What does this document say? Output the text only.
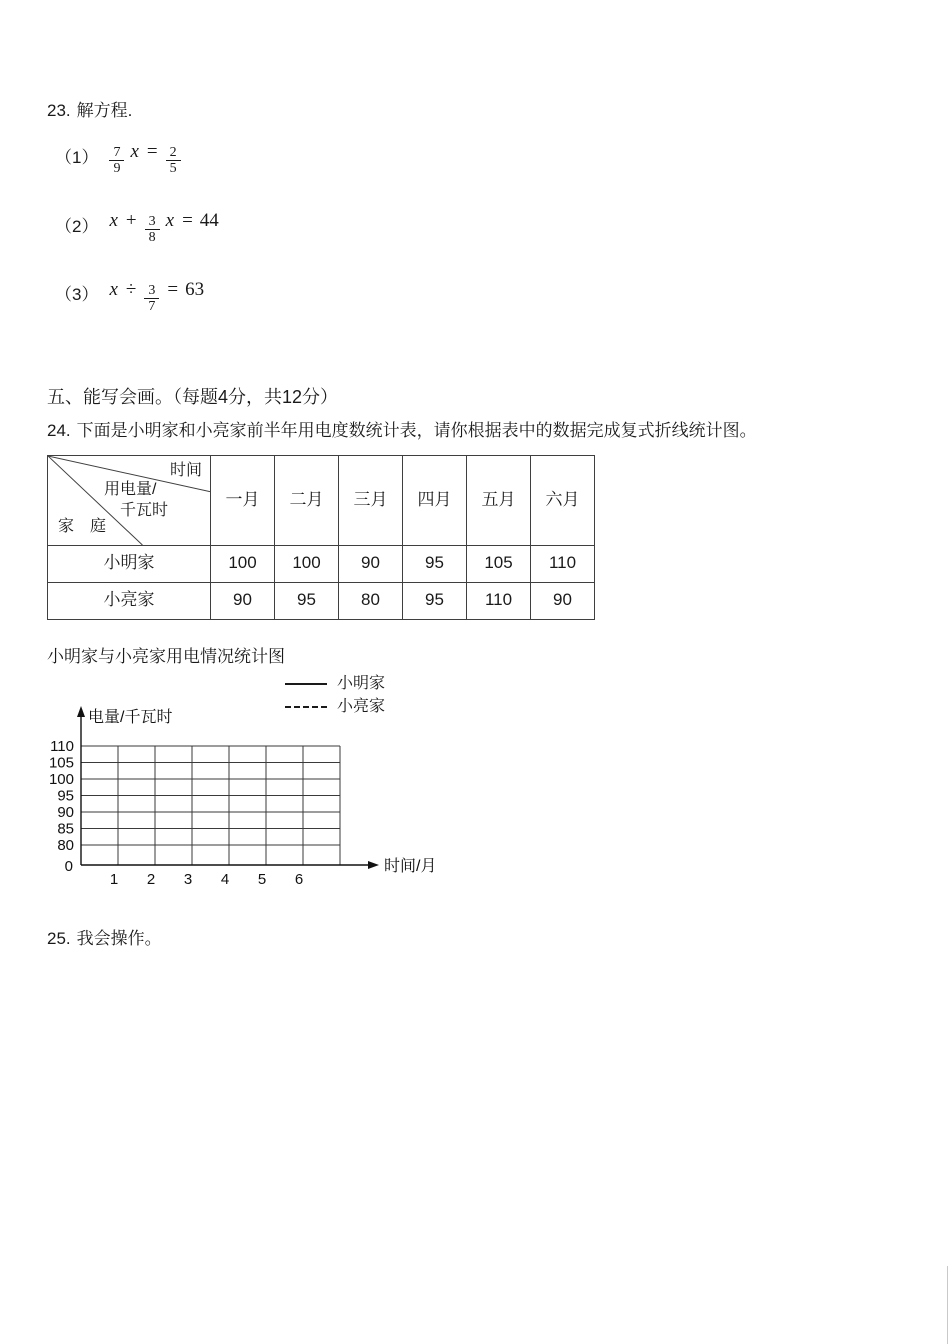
23. 解方程.
$(1) \frac{7}{9}$ $x = \frac{2}{5}$
（2） $x + \frac{3}{8}$ x = 44
（3） $x \div \frac{3}{7} = 63$
五、能写会画。（每题4分，共12分）
24. 下面是小明家和小亮家前半年用电度数统计表，请你根据表中的数据完成复式折线统计图。
时间
用电量/
千瓦时
家　庭	一月	二月	三月	四月	五月	六月
小明家	100	100	90	95	105	110
小亮家	90	95	80	95	110	90
小明家与小亮家用电情况统计图
小明家
小亮家
110
105
100
95
90
85
80
1 2 3 4 5 6
0
电量/千瓦时
时间/月
25. 我会操作。
